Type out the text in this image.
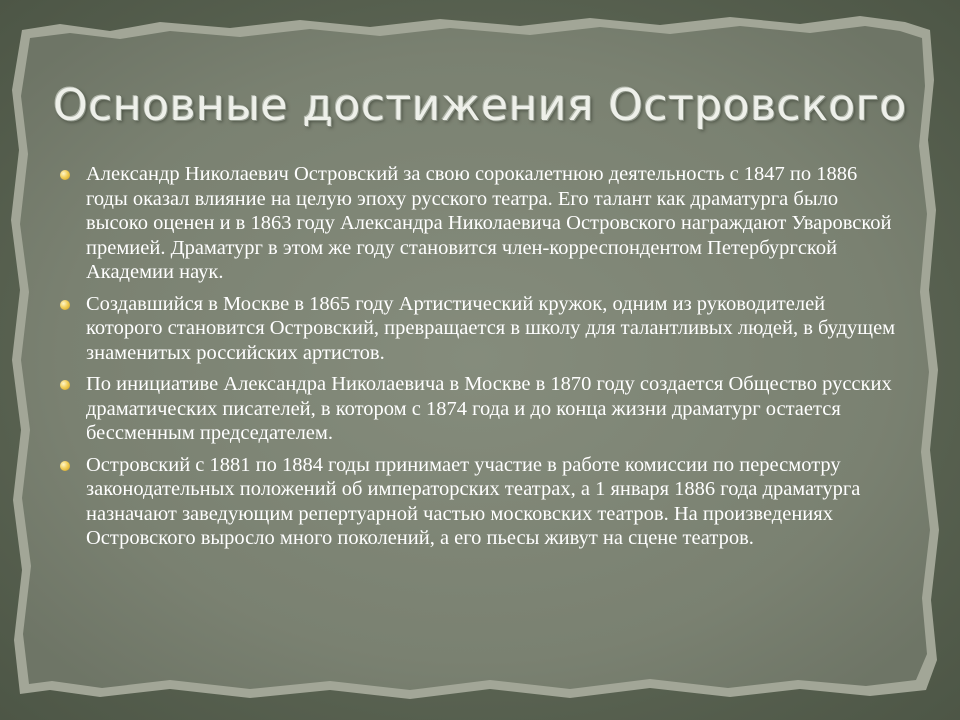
Основные достижения Островского
Александр Николаевич Островский за свою сорокалетнюю деятельность с 1847 по 1886 годы оказал влияние на целую эпоху русского театра. Его талант как драматурга было высоко оценен и в 1863 году Александра Николаевича Островского награждают Уваровской премией. Драматург в этом же году становится член-корреспондентом Петербургской Академии наук.
Создавшийся в Москве в 1865 году Артистический кружок, одним из руководителей которого становится Островский, превращается в школу для талантливых людей, в будущем знаменитых российских артистов.
По инициативе Александра Николаевича в Москве в 1870 году создается Общество русских драматических писателей, в котором с 1874 года и до конца жизни драматург остается бессменным председателем.
Островский с 1881 по 1884 годы принимает участие в работе комиссии по пересмотру законодательных положений об императорских театрах, а 1 января 1886 года драматурга назначают заведующим репертуарной частью московских театров. На произведениях Островского выросло много поколений, а его пьесы живут на сцене театров.
